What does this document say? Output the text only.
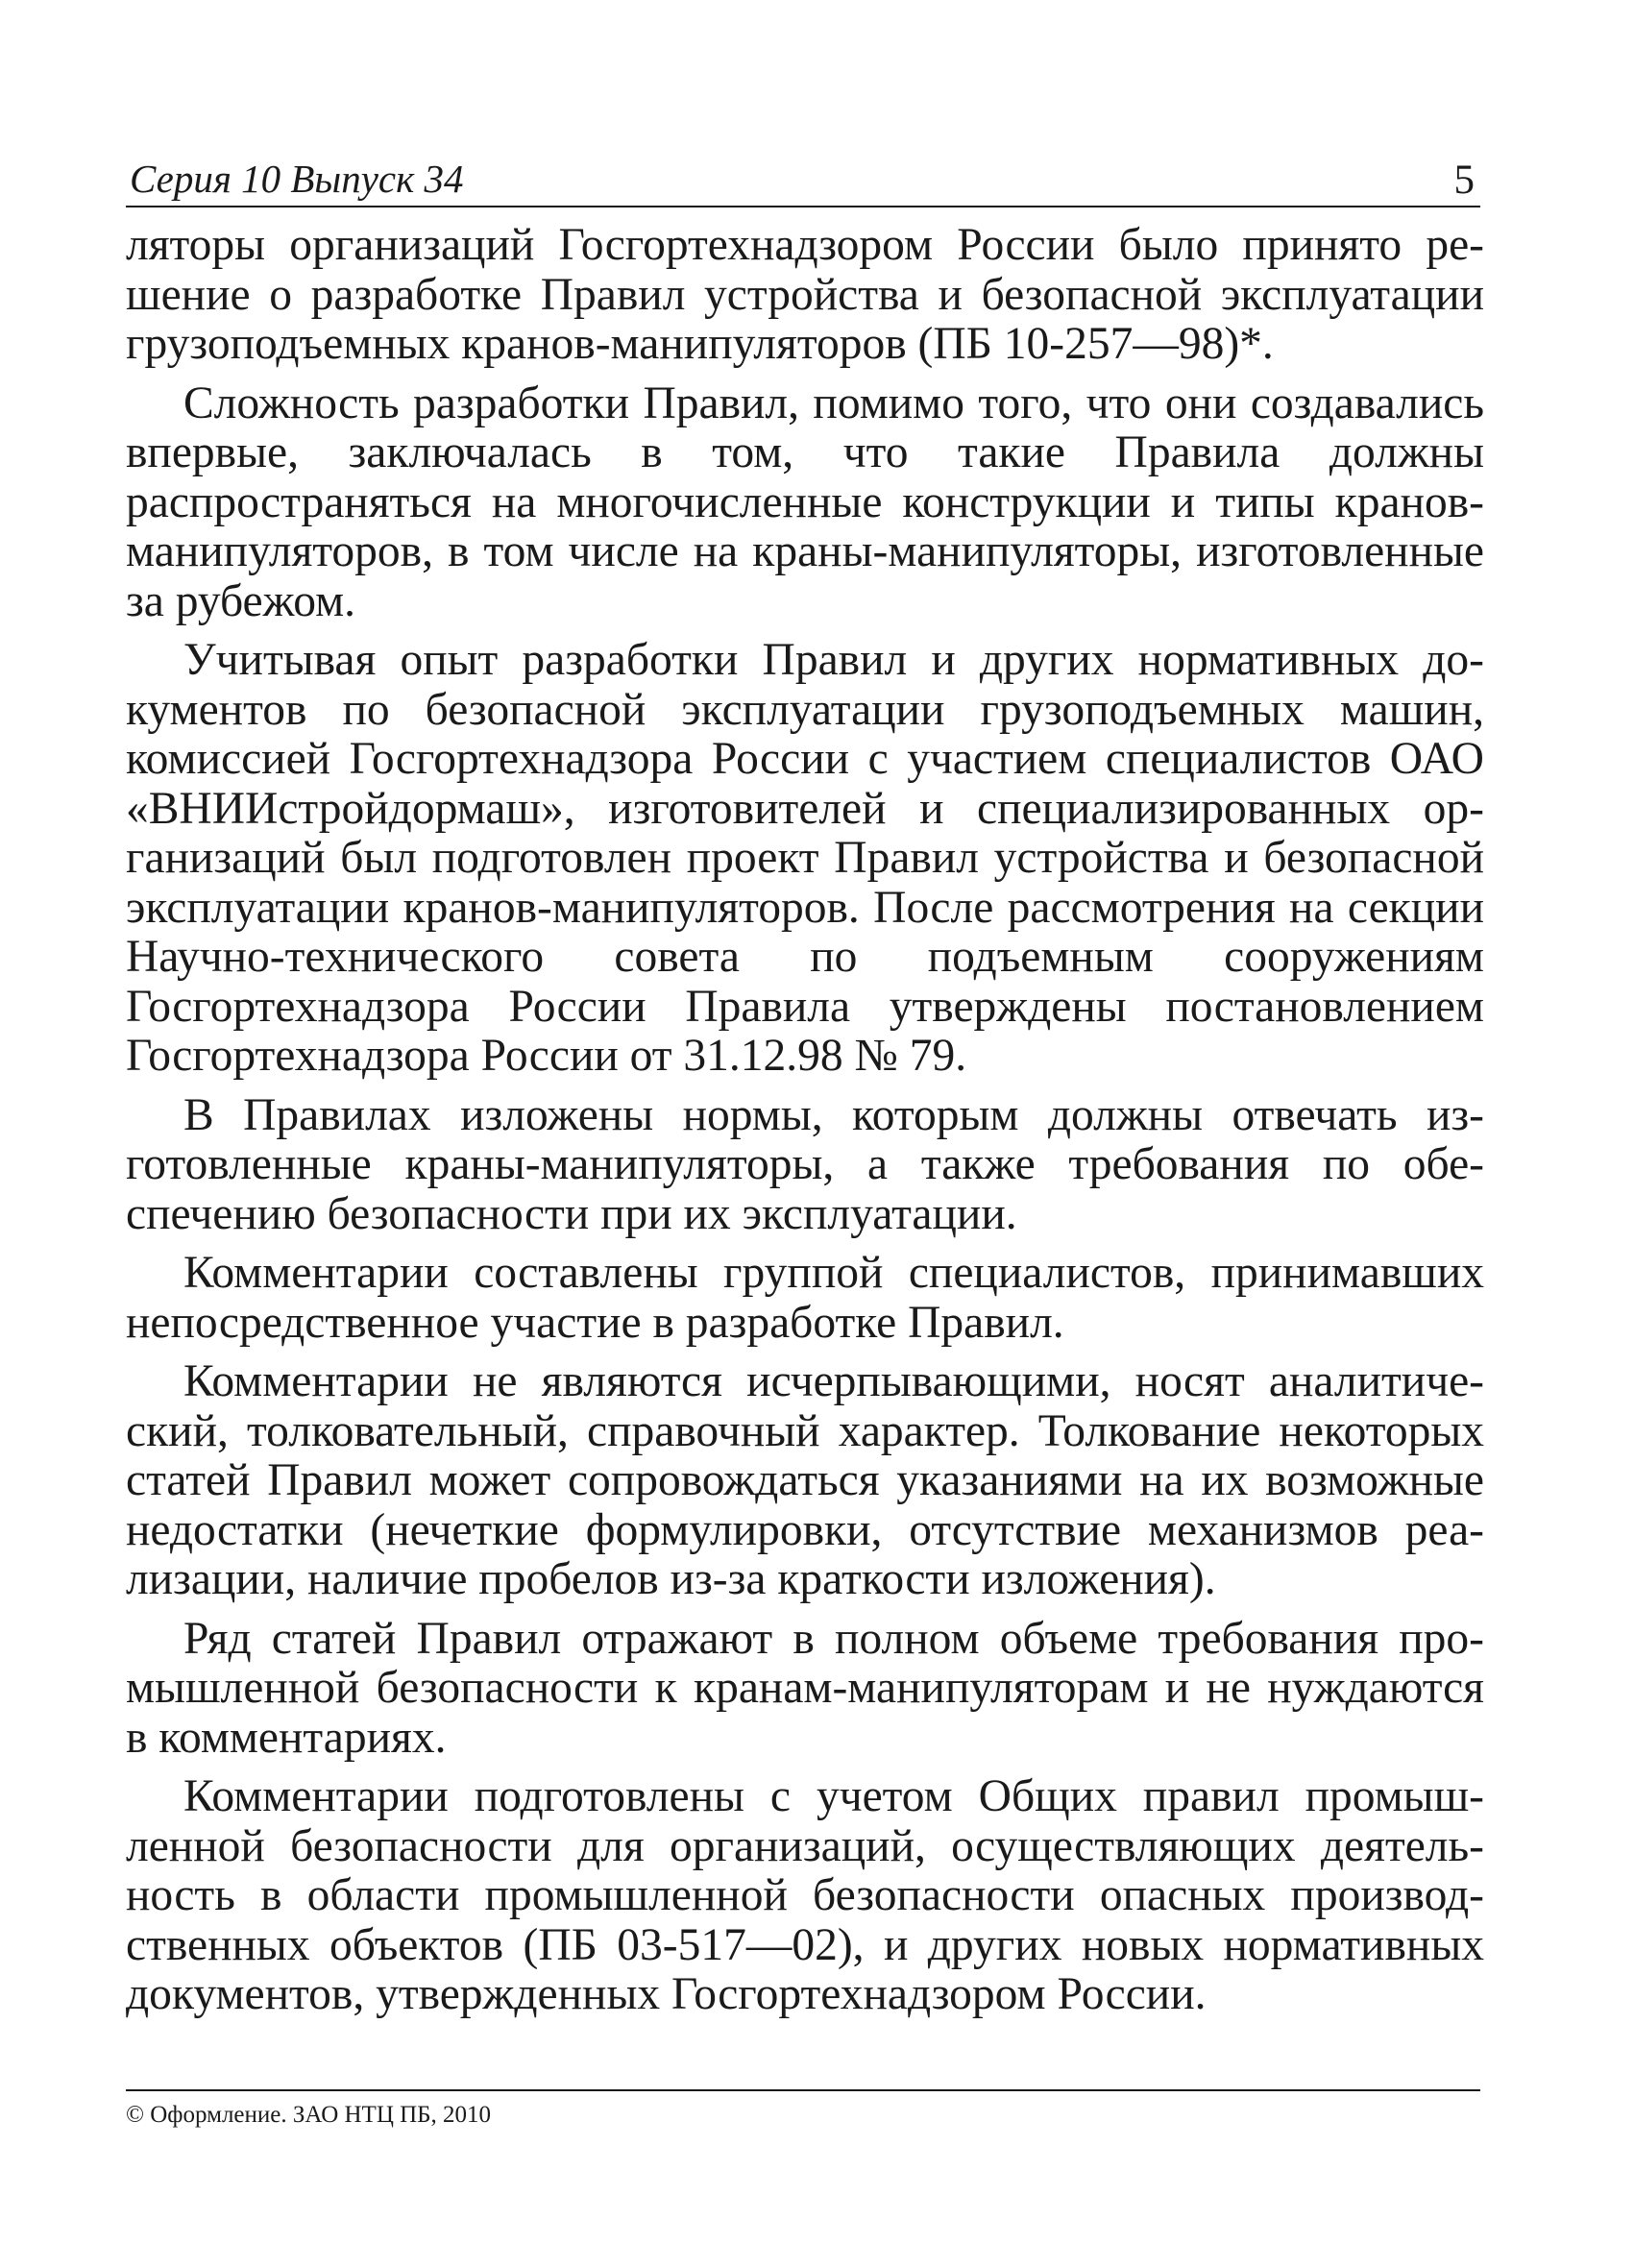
Серия 10 Выпуск 34	5

ляторы организаций Госгортехнадзором России было принято решение о разработке Правил устройства и безопасной эксплуатации грузоподъемных кранов-манипуляторов (ПБ 10-257—98)*.

Сложность разработки Правил, помимо того, что они создавались впервые, заключалась в том, что такие Правила должны распространяться на многочисленные конструкции и типы кранов-манипуляторов, в том числе на краны-манипуляторы, изготовленные за рубежом.

Учитывая опыт разработки Правил и других нормативных документов по безопасной эксплуатации грузоподъемных машин, комиссией Госгортехнадзора России с участием специалистов ОАО «ВНИИстройдормаш», изготовителей и специализированных организаций был подготовлен проект Правил устройства и безопасной эксплуатации кранов-манипуляторов. После рассмотрения на секции Научно-технического совета по подъемным сооружениям Госгортехнадзора России Правила утверждены постановлением Госгортехнадзора России от 31.12.98 № 79.

В Правилах изложены нормы, которым должны отвечать изготовленные краны-манипуляторы, а также требования по обеспечению безопасности при их эксплуатации.

Комментарии составлены группой специалистов, принимавших непосредственное участие в разработке Правил.

Комментарии не являются исчерпывающими, носят аналитический, толковательный, справочный характер. Толкование некоторых статей Правил может сопровождаться указаниями на их возможные недостатки (нечеткие формулировки, отсутствие механизмов реализации, наличие пробелов из-за краткости изложения).

Ряд статей Правил отражают в полном объеме требования промышленной безопасности к кранам-манипуляторам и не нуждаются в комментариях.

Комментарии подготовлены с учетом Общих правил промышленной безопасности для организаций, осуществляющих деятельность в области промышленной безопасности опасных производственных объектов (ПБ 03-517—02), и других новых нормативных документов, утвержденных Госгортехнадзором России.

© Оформление. ЗАО НТЦ ПБ, 2010
